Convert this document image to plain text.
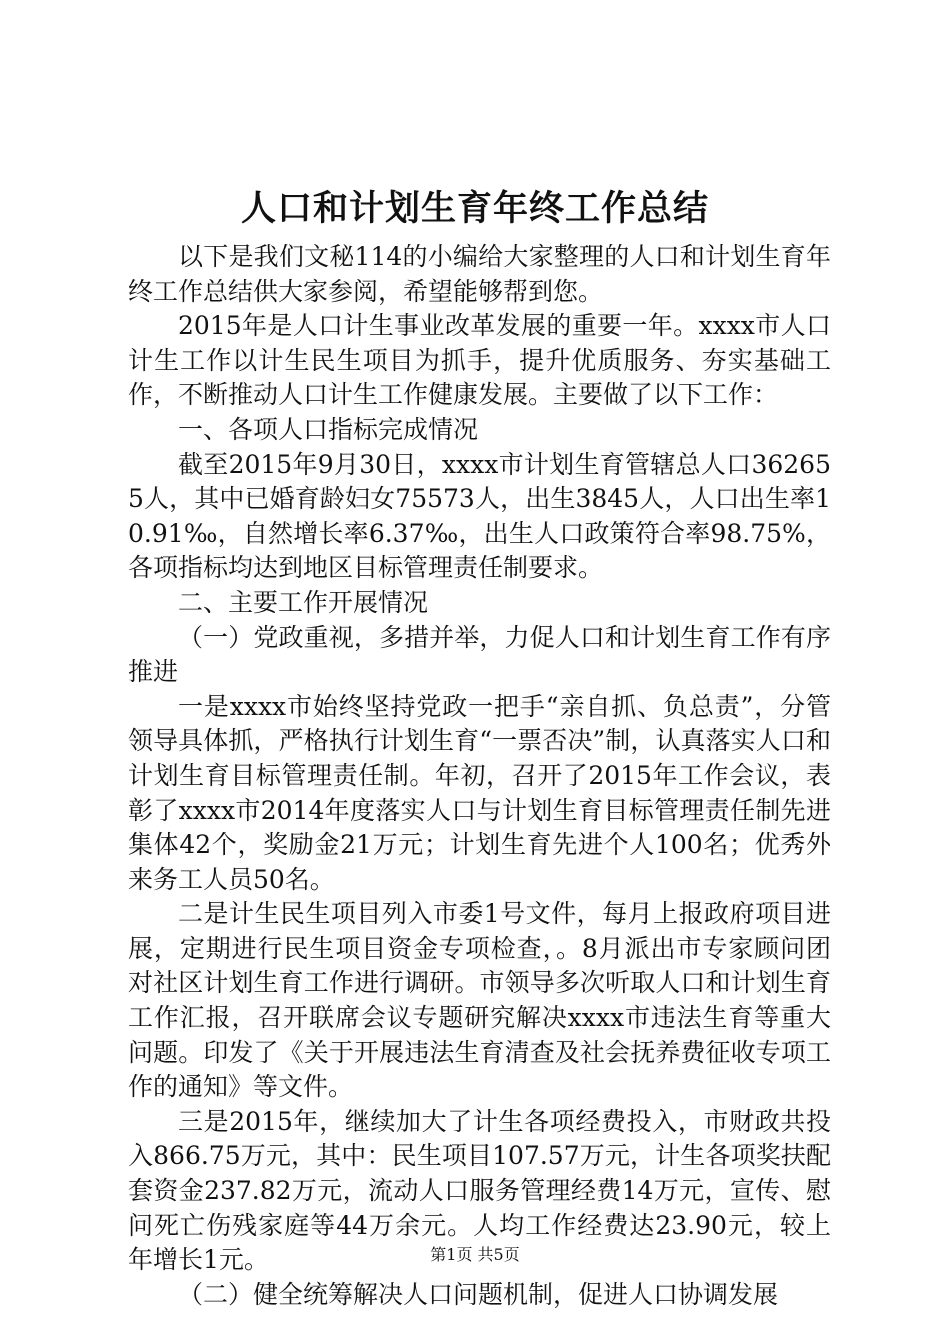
人口和计划生育年终工作总结

以下是我们文秘114的小编给大家整理的人口和计划生育年终工作总结供大家参阅，希望能够帮到您。

2015年是人口计生事业改革发展的重要一年。xxxx市人口计生工作以计生民生项目为抓手，提升优质服务、夯实基础工作，不断推动人口计生工作健康发展。主要做了以下工作：

一、各项人口指标完成情况

截至2015年9月30日，xxxx市计划生育管辖总人口362655人，其中已婚育龄妇女75573人，出生3845人，人口出生率10.91‰，自然增长率6.37‰，出生人口政策符合率98.75%，各项指标均达到地区目标管理责任制要求。

二、主要工作开展情况

（一）党政重视，多措并举，力促人口和计划生育工作有序推进

一是xxxx市始终坚持党政一把手“亲自抓、负总责”，分管领导具体抓，严格执行计划生育“一票否决”制，认真落实人口和计划生育目标管理责任制。年初，召开了2015年工作会议，表彰了xxxx市2014年度落实人口与计划生育目标管理责任制先进集体42个，奖励金21万元；计划生育先进个人100名；优秀外来务工人员50名。

二是计生民生项目列入市委1号文件，每月上报政府项目进展，定期进行民生项目资金专项检查，。8月派出市专家顾问团对社区计划生育工作进行调研。市领导多次听取人口和计划生育工作汇报，召开联席会议专题研究解决xxxx市违法生育等重大问题。印发了《关于开展违法生育清查及社会抚养费征收专项工作的通知》等文件。

三是2015年，继续加大了计生各项经费投入，市财政共投入866.75万元，其中：民生项目107.57万元，计生各项奖扶配套资金237.82万元，流动人口服务管理经费14万元，宣传、慰问死亡伤残家庭等44万余元。人均工作经费达23.90元，较上年增长1元。

（二）健全统筹解决人口问题机制，促进人口协调发展

第1页 共5页
